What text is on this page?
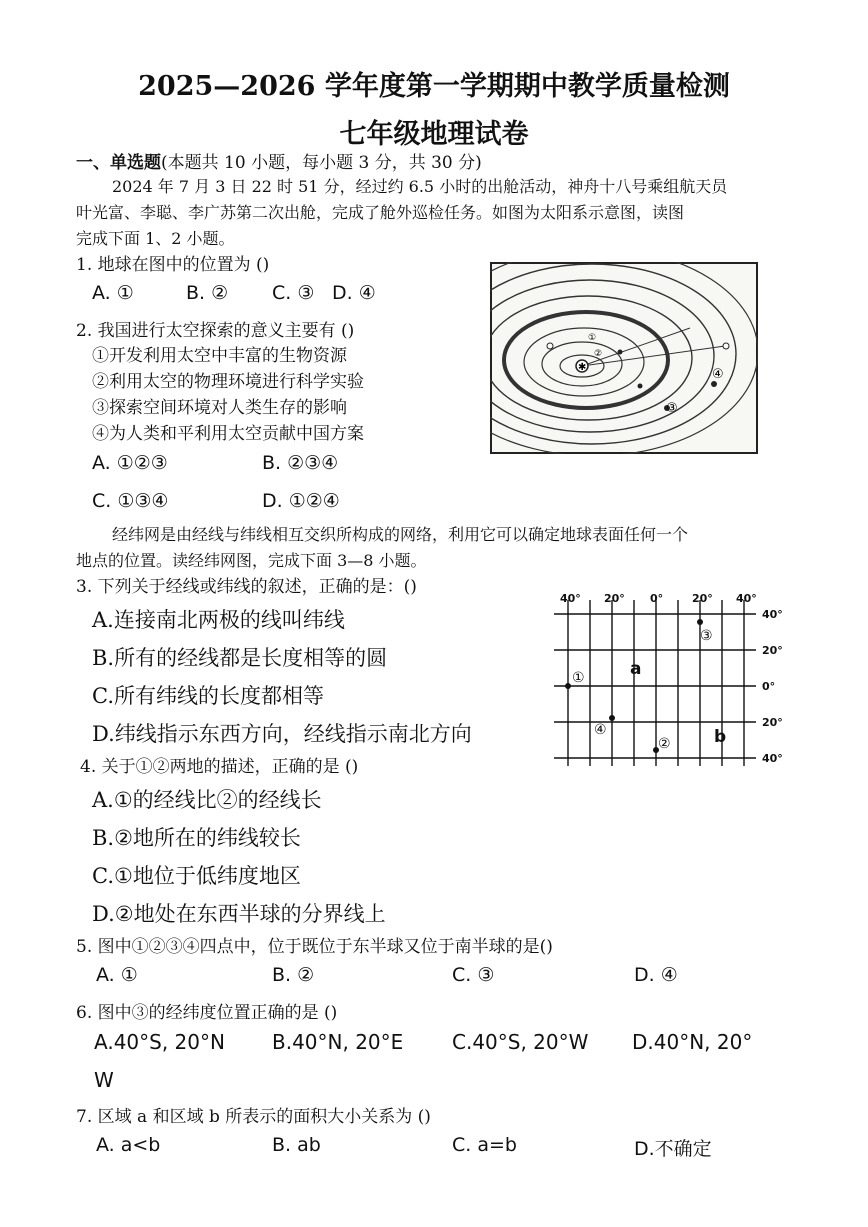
2025—2026 学年度第一学期期中教学质量检测
七年级地理试卷
一、单选题(本题共 10 小题，每小题 3 分，共 30 分)
2024 年 7 月 3 日 22 时 51 分，经过约 6.5 小时的出舱活动，神舟十八号乘组航天员
叶光富、李聪、李广苏第二次出舱，完成了舱外巡检任务。如图为太阳系示意图，读图
完成下面 1、2 小题。
1. 地球在图中的位置为 ()
A. ①	B. ② C. ③ D. ④
2. 我国进行太空探索的意义主要有 ()
①开发利用太空中丰富的生物资源
②利用太空的物理环境进行科学实验
③探索空间环境对人类生存的影响
④为人类和平利用太空贡献中国方案
A. ①②③	B. ②③④
C. ①③④	D. ①②④
✱	④
③
①
②
经纬网是由经线与纬线相互交织所构成的网络，利用它可以确定地球表面任何一个
地点的位置。读经纬网图，完成下面 3—8 小题。
3. 下列关于经线或纬线的叙述，正确的是：()
A.连接南北两极的线叫纬线
B.所有的经线都是长度相等的圆
C.所有纬线的长度都相等
D.纬线指示东西方向，经线指示南北方向
40° 20° 0°	20° 40°
40°
20°
0°
20°
40°
①
②
③
④
a
b
4. 关于①②两地的描述，正确的是 ()
A.①的经线比②的经线长
B.②地所在的纬线较长
C.①地位于低纬度地区
D.②地处在东西半球的分界线上
5. 图中①②③④四点中，位于既位于东半球又位于南半球的是()
A. ①	B. ②	C. ③	D. ④
6. 图中③的经纬度位置正确的是 ()
A.40°S, 20°N B.40°N, 20°E C.40°S, 20°W D.40°N, 20°
W
7. 区域 a 和区域 b 所表示的面积大小关系为 ()
A. a<b	B. ab	C. a=b	D.不确定
